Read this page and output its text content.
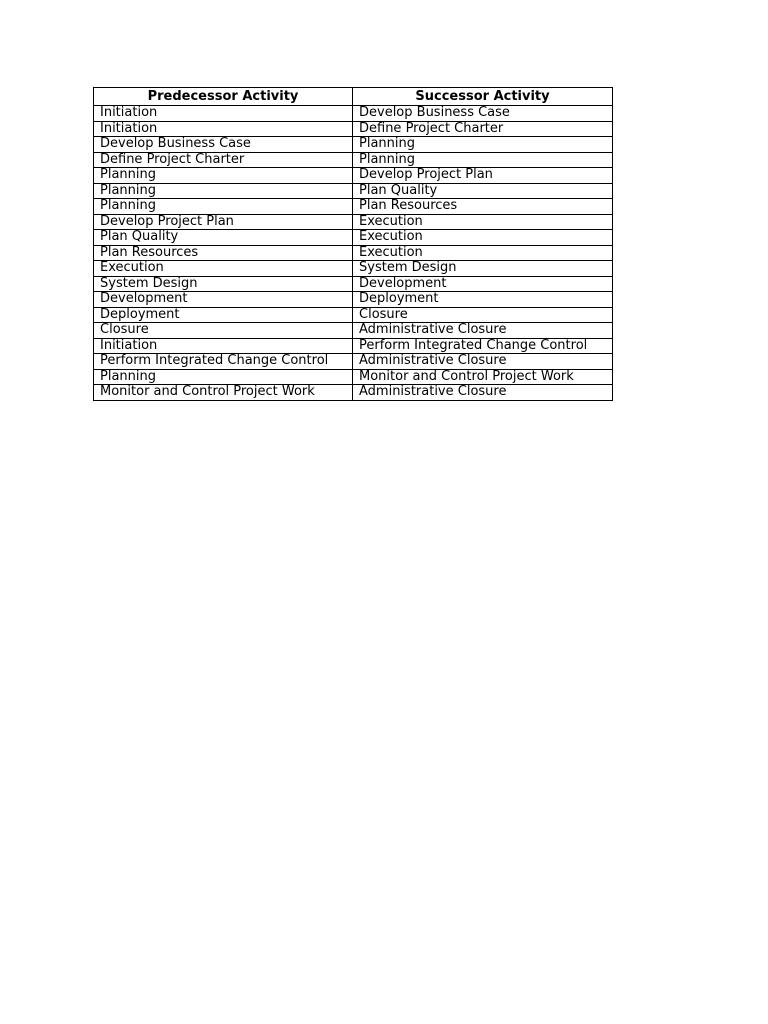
Predecessor Activity	Successor Activity
Initiation	Develop Business Case
Initiation	Define Project Charter
Develop Business Case	Planning
Define Project Charter	Planning
Planning	Develop Project Plan
Planning	Plan Quality
Planning	Plan Resources
Develop Project Plan	Execution
Plan Quality	Execution
Plan Resources	Execution
Execution	System Design
System Design	Development
Development	Deployment
Deployment	Closure
Closure	Administrative Closure
Initiation	Perform Integrated Change Control
Perform Integrated Change Control	Administrative Closure
Planning	Monitor and Control Project Work
Monitor and Control Project Work	Administrative Closure
